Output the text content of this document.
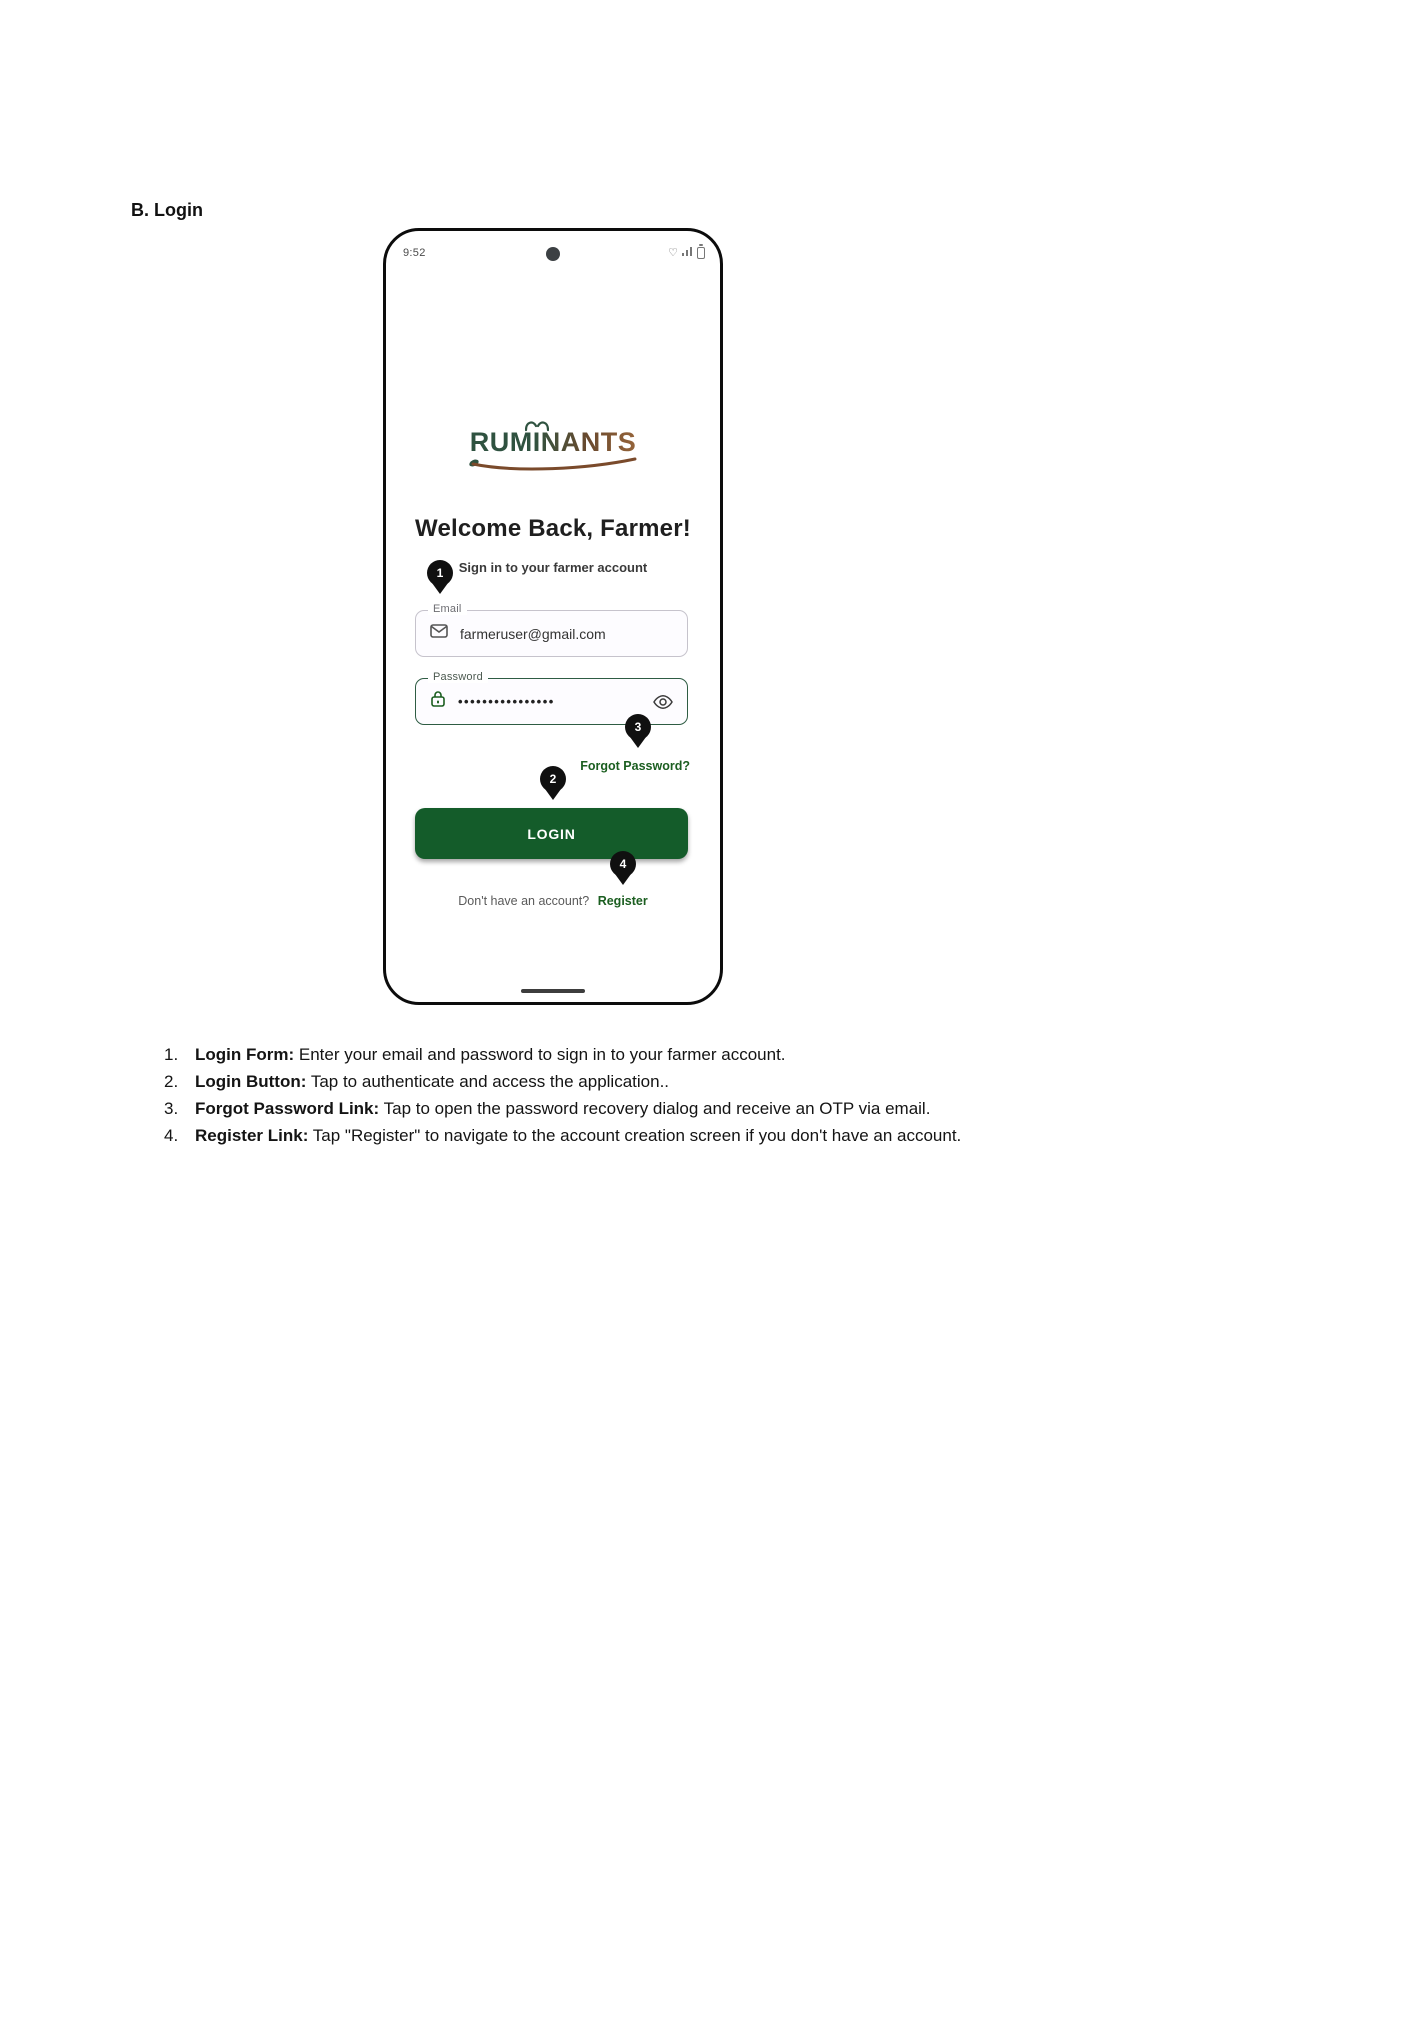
B. Login
9:52	♡
RUMINANTS
Welcome Back, Farmer!
Sign in to your farmer account
Email
farmeruser@gmail.com
Password
••••••••••••••••
Forgot Password?
LOGIN
Don't have an account? Register
1
2
3
4
1. Login Form: Enter your email and password to sign in to your farmer account.
2. Login Button: Tap to authenticate and access the application..
3. Forgot Password Link: Tap to open the password recovery dialog and receive an OTP via email.
4. Register Link: Tap "Register" to navigate to the account creation screen if you don't have an account.
